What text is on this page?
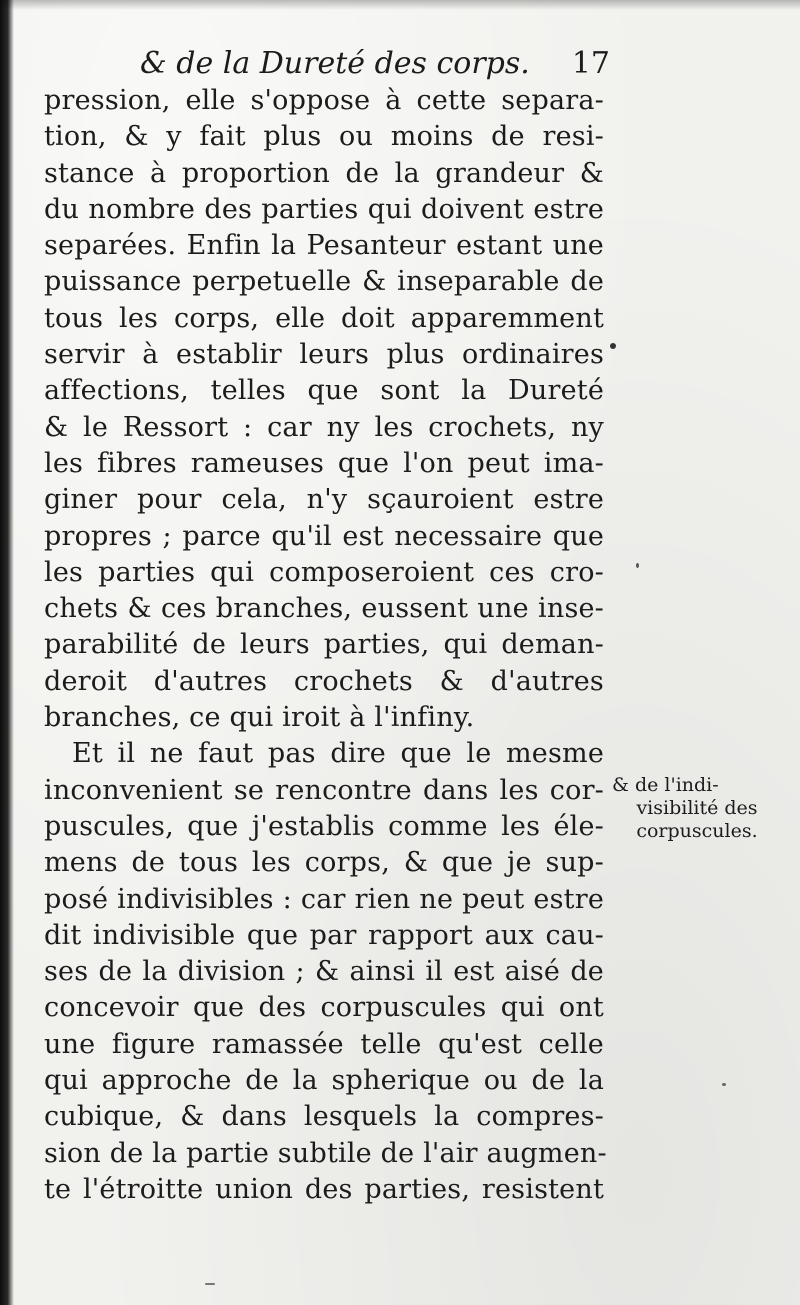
& de la Dureté des corps. 17
pression, elle s'oppose à cette separa-
tion, & y fait plus ou moins de resi-
stance à proportion de la grandeur &
du nombre des parties qui doivent estre
separées. Enfin la Pesanteur estant une
puissance perpetuelle & inseparable de
tous les corps, elle doit apparemment
servir à establir leurs plus ordinaires
affections, telles que sont la Dureté
& le Ressort : car ny les crochets, ny
les fibres rameuses que l'on peut ima-
giner pour cela, n'y sçauroient estre
propres ; parce qu'il est necessaire que
les parties qui composeroient ces cro-
chets & ces branches, eussent une inse-
parabilité de leurs parties, qui deman-
deroit d'autres crochets & d'autres
branches, ce qui iroit à l'infiny.
Et il ne faut pas dire que le mesme
inconvenient se rencontre dans les cor-
puscules, que j'establis comme les éle-
mens de tous les corps, & que je sup-
posé indivisibles : car rien ne peut estre
dit indivisible que par rapport aux cau-
ses de la division ; & ainsi il est aisé de
concevoir que des corpuscules qui ont
une figure ramassée telle qu'est celle
qui approche de la spherique ou de la
cubique, & dans lesquels la compres-
sion de la partie subtile de l'air augmen-
te l'étroitte union des parties, resistent
& de l'indi-
visibilité des
corpuscules.
